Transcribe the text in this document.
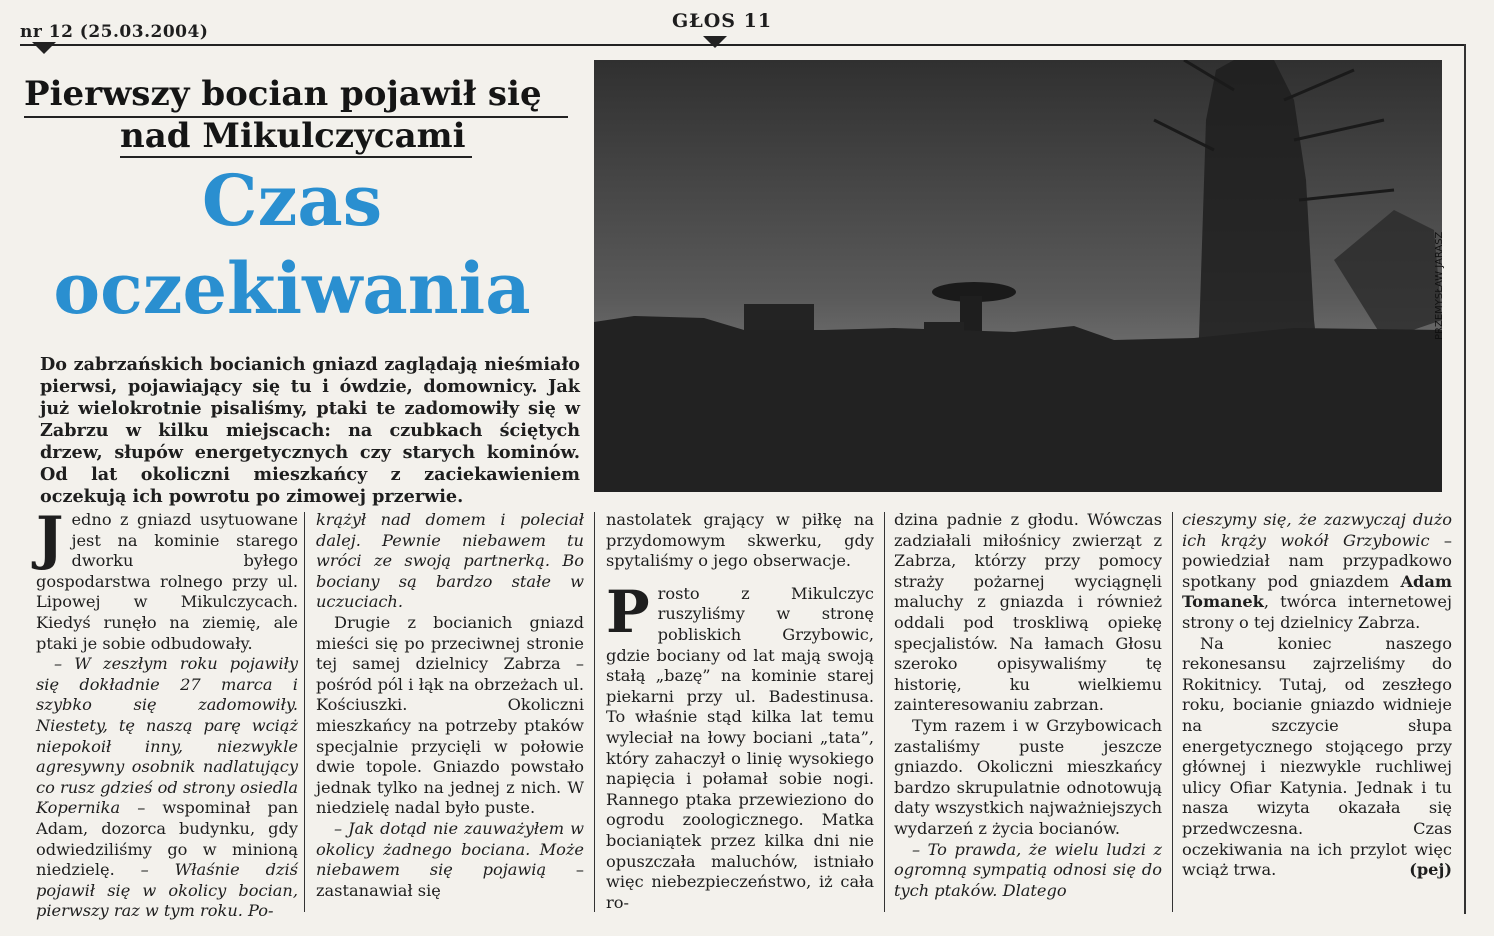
nr 12 (25.03.2004)	GŁOS 11
Pierwszy bocian pojawił się
nad Mikulczycami
Czas
oczekiwania

Do zabrzańskich bocianich gniazd zaglądają nieśmiało pierwsi, pojawiający się tu i ówdzie, domownicy. Jak już wielokrotnie pisaliśmy, ptaki te zadomowiły się w Zabrzu w kilku miejscach: na czubkach ściętych drzew, słupów energetycznych czy starych kominów. Od lat okoliczni mieszkańcy z zaciekawieniem oczekują ich powrotu po zimowej przerwie.

PRZEMYSŁAW JARASZ
J edno z gniazd usytuowane jest na kominie starego dworku byłego gospodarstwa rolnego przy ul. Lipowej w Mikulczycach. Kiedyś runęło na ziemię, ale ptaki je sobie odbudowały.

– W zeszłym roku pojawiły się dokładnie 27 marca i szybko się zadomowiły. Niestety, tę naszą parę wciąż niepokoił inny, niezwykle agresywny osobnik nadlatujący co rusz gdzieś od strony osiedla Kopernika – wspominał pan Adam, dozorca budynku, gdy odwiedziliśmy go w minioną niedzielę. – Właśnie dziś pojawił się w okolicy bocian, pierwszy raz w tym roku. Po-

krążył nad domem i poleciał dalej. Pewnie niebawem tu wróci ze swoją partnerką. Bo bociany są bardzo stałe w uczuciach.

Drugie z bocianich gniazd mieści się po przeciwnej stronie tej samej dzielnicy Zabrza – pośród pól i łąk na obrzeżach ul. Kościuszki. Okoliczni mieszkańcy na potrzeby ptaków specjalnie przycięli w połowie dwie topole. Gniazdo powstało jednak tylko na jednej z nich. W niedzielę nadal było puste.

– Jak dotąd nie zauważyłem w okolicy żadnego bociana. Może niebawem się pojawią – zastanawiał się

nastolatek grający w piłkę na przydomowym skwerku, gdy spytaliśmy o jego obserwacje.

Prosto z Mikulczyc ruszyliśmy w stronę pobliskich Grzybowic, gdzie bociany od lat mają swoją stałą „bazę” na kominie starej piekarni przy ul. Badestinusa. To właśnie stąd kilka lat temu wyleciał na łowy bociani „tata”, który zahaczył o linię wysokiego napięcia i połamał sobie nogi. Rannego ptaka przewieziono do ogrodu zoologicznego. Matka bocianiątek przez kilka dni nie opuszczała maluchów, istniało więc niebezpieczeństwo, iż cała ro-

dzina padnie z głodu. Wówczas zadziałali miłośnicy zwierząt z Zabrza, którzy przy pomocy straży pożarnej wyciągnęli maluchy z gniazda i również oddali pod troskliwą opiekę specjalistów. Na łamach Głosu szeroko opisywaliśmy tę historię, ku wielkiemu zainteresowaniu zabrzan.

Tym razem i w Grzybowicach zastaliśmy puste jeszcze gniazdo. Okoliczni mieszkańcy bardzo skrupulatnie odnotowują daty wszystkich najważniejszych wydarzeń z życia bocianów.

– To prawda, że wielu ludzi z ogromną sympatią odnosi się do tych ptaków. Dlatego

cieszymy się, że zazwyczaj dużo ich krąży wokół Grzybowic – powiedział nam przypadkowo spotkany pod gniazdem Adam Tomanek, twórca internetowej strony o tej dzielnicy Zabrza.

Na koniec naszego rekonesansu zajrzeliśmy do Rokitnicy. Tutaj, od zeszłego roku, bocianie gniazdo widnieje na szczycie słupa energetycznego stojącego przy głównej i niezwykle ruchliwej ulicy Ofiar Katynia. Jednak i tu nasza wizyta okazała się przedwczesna. Czas oczekiwania na ich przylot więc wciąż trwa.	(pej)
